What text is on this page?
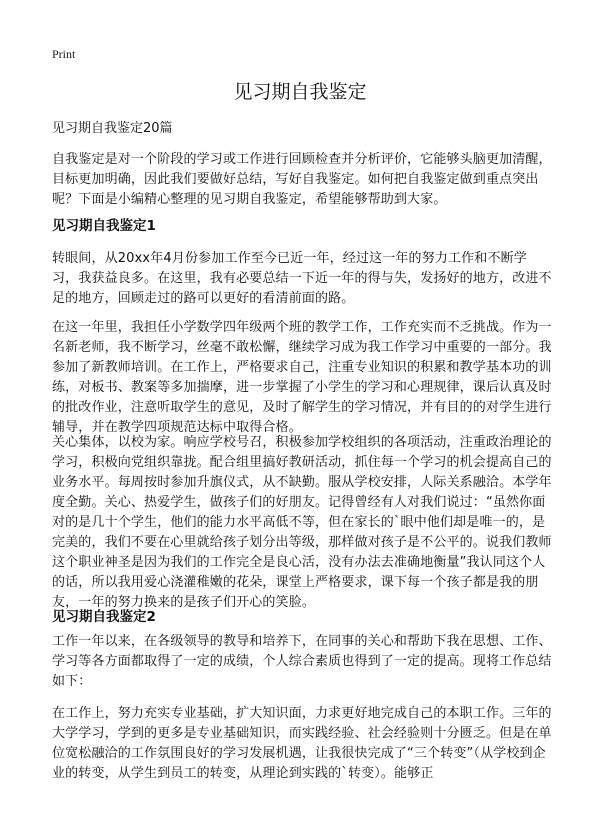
Print
见习期自我鉴定
见习期自我鉴定20篇

自我鉴定是对一个阶段的学习或工作进行回顾检查并分析评价，它能够头脑更加清醒，目标更加明确，因此我们要做好总结，写好自我鉴定。如何把自我鉴定做到重点突出呢？下面是小编精心整理的见习期自我鉴定，希望能够帮助到大家。

见习期自我鉴定1

转眼间，从20xx年4月份参加工作至今已近一年，经过这一年的努力工作和不断学习，我获益良多。在这里，我有必要总结一下近一年的得与失，发扬好的地方，改进不足的地方，回顾走过的路可以更好的看清前面的路。

在这一年里，我担任小学数学四年级两个班的教学工作，工作充实而不乏挑战。作为一名新老师，我不断学习，丝毫不敢松懈，继续学习成为我工作学习中重要的一部分。我参加了新教师培训。在工作上，严格要求自己，注重专业知识的积累和教学基本功的训练，对板书、教案等多加揣摩，进一步掌握了小学生的学习和心理规律，课后认真及时的批改作业，注意听取学生的意见，及时了解学生的学习情况，并有目的的对学生进行辅导，并在教学四项规范达标中取得合格。

关心集体，以校为家。响应学校号召，积极参加学校组织的各项活动，注重政治理论的学习，积极向党组织靠拢。配合组里搞好教研活动，抓住每一个学习的机会提高自己的业务水平。每周按时参加升旗仪式，从不缺勤。服从学校安排，人际关系融洽。本学年度全勤。关心、热爱学生，做孩子们的好朋友。记得曾经有人对我们说过：“虽然你面对的是几十个学生，他们的能力水平高低不等，但在家长的`眼中他们却是唯一的，是完美的，我们不要在心里就给孩子划分出等级，那样做对孩子是不公平的。说我们教师这个职业神圣是因为我们的工作完全是良心活，没有办法去准确地衡量”我认同这个人的话，所以我用爱心浇灌稚嫩的花朵，课堂上严格要求，课下每一个孩子都是我的朋友，一年的努力换来的是孩子们开心的笑脸。

见习期自我鉴定2

工作一年以来，在各级领导的教导和培养下，在同事的关心和帮助下我在思想、工作、学习等各方面都取得了一定的成绩，个人综合素质也得到了一定的提高。现将工作总结如下：

在工作上，努力充实专业基础，扩大知识面，力求更好地完成自己的本职工作。三年的大学学习，学到的更多是专业基础知识，而实践经验、社会经验则十分匮乏。但是在单位宽松融洽的工作氛围良好的学习发展机遇，让我很快完成了“三个转变”（从学校到企业的转变，从学生到员工的转变，从理论到实践的`转变）。能够正
